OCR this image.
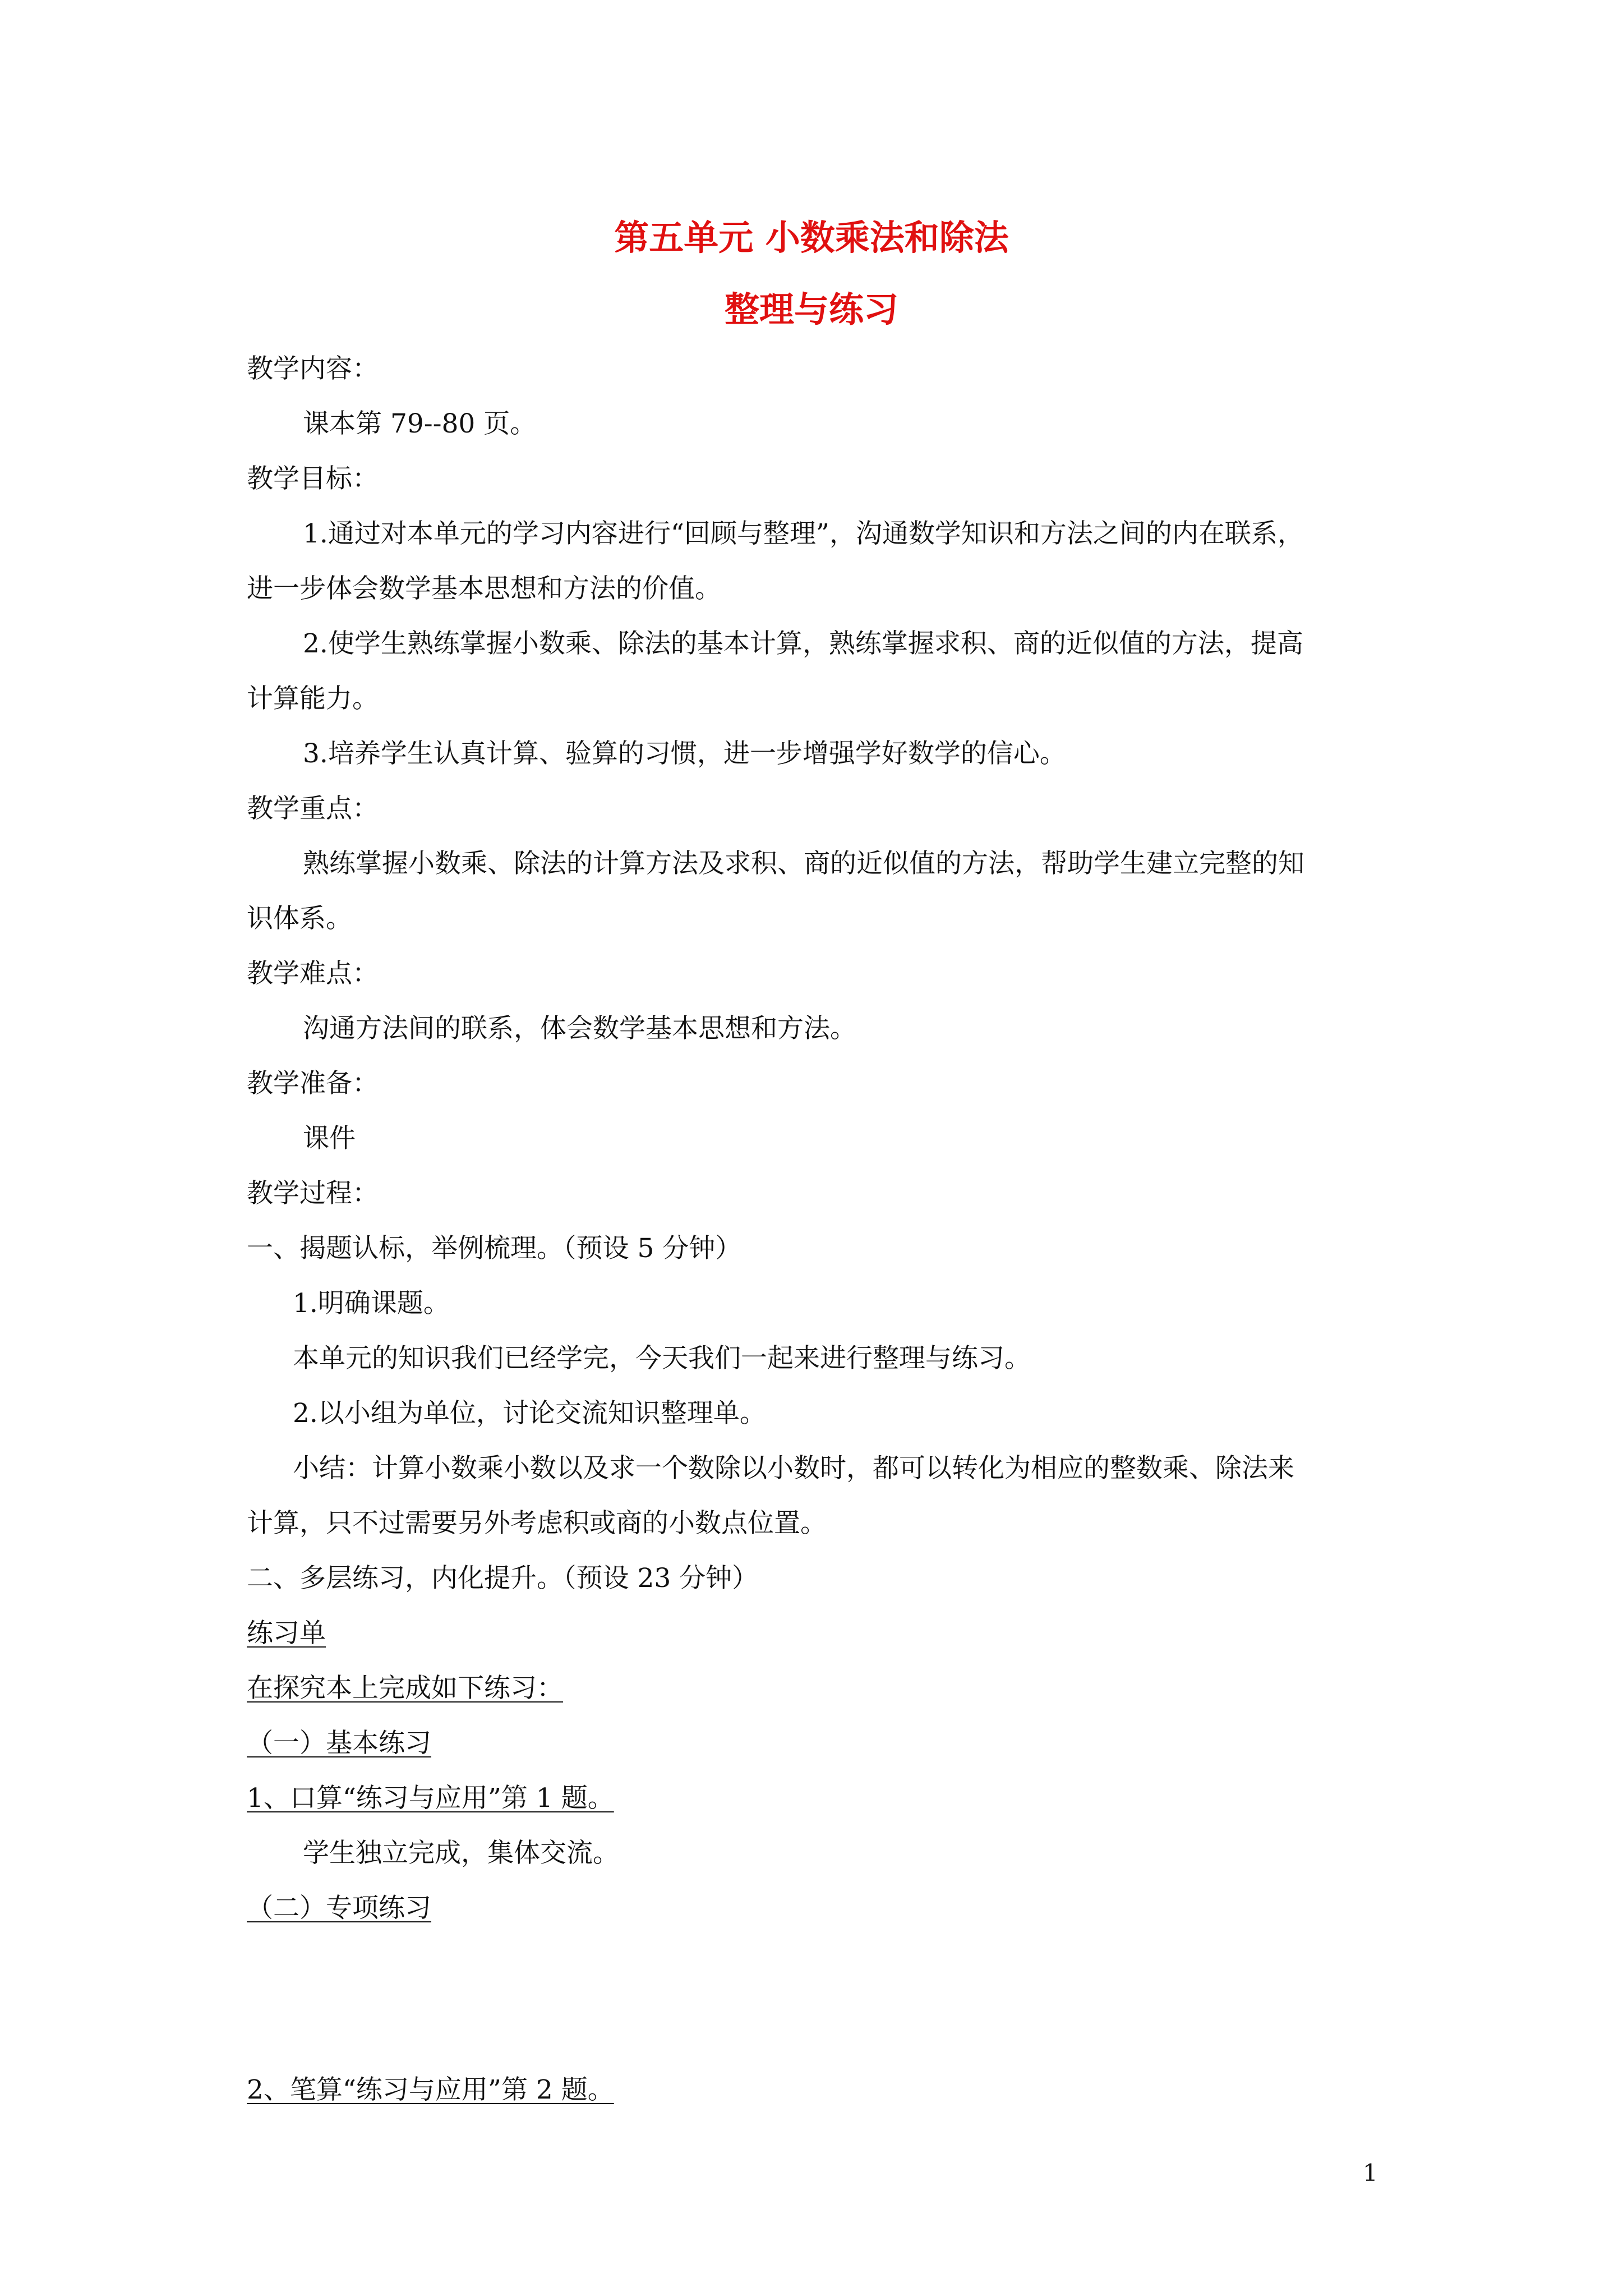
第五单元 小数乘法和除法
整理与练习
教学内容：
课本第 79--80 页。
教学目标：
1.通过对本单元的学习内容进行“回顾与整理”，沟通数学知识和方法之间的内在联系，
进一步体会数学基本思想和方法的价值。
2.使学生熟练掌握小数乘、除法的基本计算，熟练掌握求积、商的近似值的方法，提高
计算能力。
3.培养学生认真计算、验算的习惯，进一步增强学好数学的信心。
教学重点：
熟练掌握小数乘、除法的计算方法及求积、商的近似值的方法，帮助学生建立完整的知
识体系。
教学难点：
沟通方法间的联系，体会数学基本思想和方法。
教学准备：
课件
教学过程：
一、揭题认标，举例梳理。（预设 5 分钟）
1.明确课题。
本单元的知识我们已经学完，今天我们一起来进行整理与练习。
2.以小组为单位，讨论交流知识整理单。
小结：计算小数乘小数以及求一个数除以小数时，都可以转化为相应的整数乘、除法来
计算，只不过需要另外考虑积或商的小数点位置。
二、多层练习，内化提升。（预设 23 分钟）
练习单
在探究本上完成如下练习：
（一）基本练习
1、口算“练习与应用”第 1 题。
学生独立完成，集体交流。
（二）专项练习
2、笔算“练习与应用”第 2 题。
1
